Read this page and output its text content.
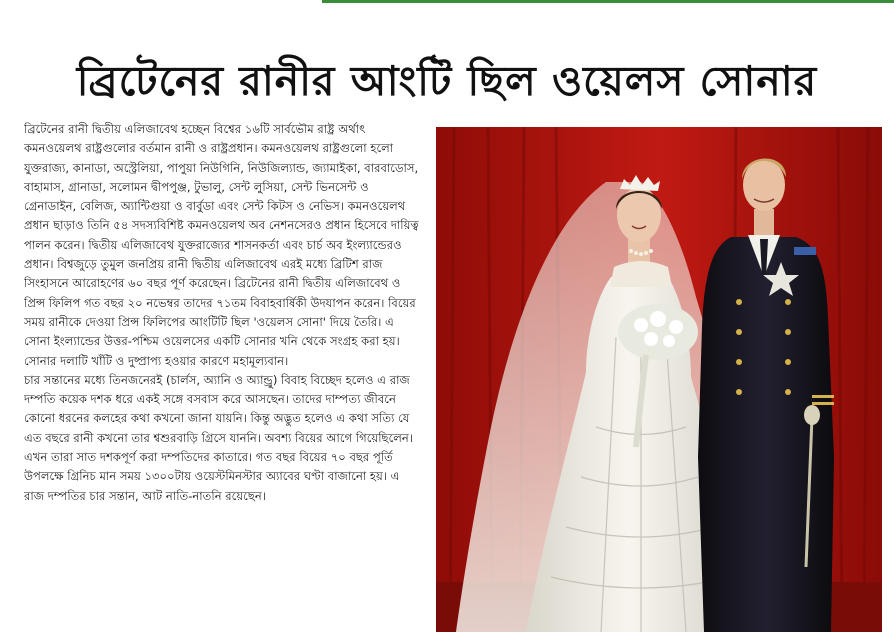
ব্রিটেনের রানীর আংটি ছিল ওয়েলস সোনার

ব্রিটেনের রানী দ্বিতীয় এলিজাবেথ হচ্ছেন বিশ্বের ১৬টি সার্বভৌম রাষ্ট্র অর্থাৎ কমনওয়েলথ রাষ্ট্রগুলোর বর্তমান রানী ও রাষ্ট্রপ্রধান। কমনওয়েলথ রাষ্ট্রগুলো হলো যুক্তরাজ্য, কানাডা, অস্ট্রেলিয়া, পাপুয়া নিউগিনি, নিউজিল্যান্ড, জ্যামাইকা, বারবাডোস, বাহামাস, গ্রানাডা, সলোমন দ্বীপপুঞ্জ, টুভালু, সেন্ট লুসিয়া, সেন্ট ভিনসেন্ট ও গ্রেনাডাইন, বেলিজ, অ্যান্টিগুয়া ও বার্বুডা এবং সেন্ট কিটস ও নেভিস। কমনওয়েলথ প্রধান ছাড়াও তিনি ৫৪ সদস্যবিশিষ্ট কমনওয়েলথ অব নেশনসেরও প্রধান হিসেবে দায়িত্ব পালন করেন। দ্বিতীয় এলিজাবেথ যুক্তরাজ্যের শাসনকর্তা এবং চার্চ অব ইংল্যান্ডেরও প্রধান। বিশ্বজুড়ে তুমুল জনপ্রিয় রানী দ্বিতীয় এলিজাবেথ এরই মধ্যে ব্রিটিশ রাজ সিংহাসনে আরোহণের ৬০ বছর পূর্ণ করেছেন। ব্রিটেনের রানী দ্বিতীয় এলিজাবেথ ও প্রিন্স ফিলিপ গত বছর ২০ নভেম্বর তাদের ৭১তম বিবাহবার্ষিকী উদযাপন করেন। বিয়ের সময় রানীকে দেওয়া প্রিন্স ফিলিপের আংটিটি ছিল 'ওয়েলস সোনা' দিয়ে তৈরি। এ সোনা ইংল্যান্ডের উত্তর-পশ্চিম ওয়েলসের একটি সোনার খনি থেকে সংগ্রহ করা হয়। সোনার দলাটি খাঁটি ও দুষ্প্রাপ্য হওয়ার কারণে মহামূল্যবান।

চার সন্তানের মধ্যে তিনজনেরই (চার্লস, অ্যানি ও অ্যান্ড্রু) বিবাহ বিচ্ছেদ হলেও এ রাজ দম্পতি কয়েক দশক ধরে একই সঙ্গে বসবাস করে আসছেন। তাদের দাম্পত্য জীবনে কোনো ধরনের কলহের কথা কখনো জানা যায়নি। কিন্তু অদ্ভুত হলেও এ কথা সত্যি যে এত বছরে রানী কখনো তার শ্বশুরবাড়ি গ্রিসে যাননি। অবশ্য বিয়ের আগে গিয়েছিলেন। এখন তারা সাত দশকপূর্ণ করা দম্পতিদের কাতারে। গত বছর বিয়ের ৭০ বছর পূর্তি উপলক্ষে গ্রিনিচ মান সময় ১৩০০টায় ওয়েস্টমিনস্টার অ্যাবের ঘণ্টা বাজানো হয়। এ রাজ দম্পতির চার সন্তান, আট নাতি-নাতনি রয়েছেন।
